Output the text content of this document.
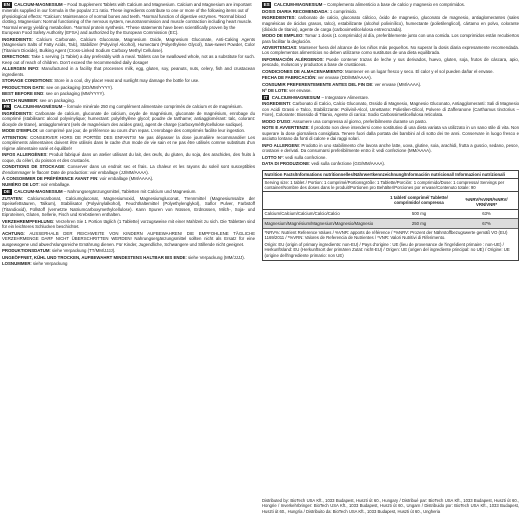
EN CALCIUM-MAGNESIUM – Food Supplement Tablets with Calcium and Magnesium. Calcium and Magnesium are important minerals supplied in our formula in the popular 2:1 ratio. These ingredients contribute to one or more of the following items out of physiological effects: *Calcium: Maintenance of normal bones and teeth. *Normal function of digestive enzymes. *Normal blood clotting. Magnesium: Normal functioning of the nervous system, neurotransmission and muscle contraction including heart muscle. *Normal energy yielding metabolism. *Normal protein synthesis. *These statements have been scientifically proven by the European Food Safety Authority (EFSA) and authorized by the European Commission (EC).

INGREDIENTS: Calcium Carbonate, Calcium Gluconate, Magnesium Oxide, Magnesium Gluconate, Anti-Caking Agents (Magnesium Salts of Fatty Acids, Talc), Stabilizer (Polyvinyl Alcohol), Humectant (Polyethylene Glycol), Saw-sweet Powder, Color (Titanium Dioxide), Bulking Agent (Cross-Linked Sodium Carboxy Methyl Cellulose).

DIRECTIONS: Take 1 serving (1 Tablet) a day preferably with a meal. Tablets can be swallowed whole, not as a substitute for such. Keep out of reach of children. Don't exceed the recommended daily dosage!

ALLERGEN INFO: Manufactured in a facility that processes milk, egg, gluten, soy, peanuts, nuts, celery, fish and crustacean ingredients.

STORAGE CONDITIONS: Store in a cool, dry place! Heat and sunlight may damage the bottle for use.

PRODUCTION DATE: see on packaging (DD/MM/YYYY).

BEST BEFORE END: see on packaging (MM/YYYY).

BATCH NUMBER: see on packaging.

FR CALCIUM-MAGNÉSIUM – formule minérale 250 mg complément alimentaire comprimés de calcium et de magnésium.

INGRÉDIENTS: Carbonate de calcium, gluconate de calcium, oxyde de magnésium, gluconate de magnésium, enrobage du comprimé (stabilisant: alcool polyvinylique; humectant: polyéthylène glycol; poudre de tarthame; antiagglomérant: talc, colorant: dioxyde de titane), antiagglomérant (sels de magnésium des acides gras), agent de charge (carboxyméthylcellulose sodique).

MODE D'EMPLOI: un comprimé par jour, de préférence au cours d'un repas. L'enrobage des comprimés facilite leur ingestion.

ATTENTION: CONSERVER HORS DE PORTÉE DES ENFANTS! Ne pas dépasser la dose journalière recommandée! Les compléments alimentaires doivent être utilisés dans le cadre d'un mode de vie sain et ne pas être utilisés comme substituts d'un régime alimentaire varié et équilibré!

INFOS ALLERGÈNES: Produit fabriqué dans un atelier utilisant du lait, des œufs, du gluten, du soja, des arachides, des fruits à coque, du céleri, du poisson et des crustacés.

CONDITIONS DE STOCKAGE: Conserver dans un endroit sec et frais. La chaleur et les rayons du soleil sont susceptibles d'endommager le flacon! Date de production: voir emballage (JJ/MM/AAAA).

À CONSOMMER DE PRÉFÉRENCE AVANT FIN: voir emballage (MM/AAAA).

NUMÉRO DE LOT: voir emballage.

DE CALCIUM-MAGNESIUM – Nahrungsergänzungsmittel, Tabletten mit Calcium und Magnesium.

ZUTATEN: Calciumcarbonat, Calciumgluconat, Magnesiumoxid, Magnesiumgluconat, Trennmittel (Magnesiumsalze der Speisefettsäuren, Talkum), Stabilisator (Polyvinylalkohol), Feuchthaltemittel (Polyethylenglykol), Saflor Pulver, Farbstoff (Titandioxid), Füllstoff (vernetzte Natriumcarboxymethylcellulose). Kann Spuren von Nüssen, Erdnüssen, Milch-, Soja- und Eiproteinen, Gluten, Sellerie, Fisch und Krebstieren enthalten.

VERZEHREMPFEHLUNG: Verzehren Sie 1 Portion täglich (1 Tablette) vorzugsweise mit einer Mahlzeit zu sich. Die Tabletten sind für ein leichteres Schlucken beschichtet.

ACHTUNG: AUSSERHALB DER REICHWEITE VON KINDERN AUFBEWAHREN! DIE EMPFOHLENE TÄGLICHE VERZEHRMENGE DARF NICHT ÜBERSCHRITTEN WERDEN! Nahrungsergänzungsmittel sollten nicht als Ersatz für eine ausgewogene und abwechslungsreiche Ernährung dienen. Für Kinder, Jugendliche, Schwangere und Stillende nicht geeignet.

PRODUKTIONSDATUM: siehe Verpackung (TT/MM/JJJJ).

UNGEÖFFNET, KÜHL UND TROCKEN, AUFBEWAHRT MINDESTENS HALTBAR BIS ENDE: siehe Verpackung (MM/JJJJ).

LOSNUMMER: siehe Verpackung

ES CALCIUM-MAGNESIUM – Complemento alimenticio a base de calcio y magnesio en comprimidos.

DOSIS DIARIA RECOMENDADA: 1 comprimido.

INGREDIENTES: carbonato de calcio, gluconato cálcico, óxido de magnesio, gluconato de magnesio, antiaglomerantes (sales magnésicas de ácidos grasos, talco), estabilizante (alcohol polivinílico), humectante (polietilenglicol), cártamo en polvo, colorante (dióxido de titanio), agente de carga (carboximetilcelulosa entrecruzada).

MODO DE EMPLEO: Tomar 1 dosis (1 comprimido) al día, preferiblemente junto con una comida. Los comprimidos están recubiertos para facilitar la deglución.

ADVERTENCIAS: Mantener fuera del alcance de los niños más pequeños. No superar la dosis diaria expresamente recomendada. Los complementos alimenticios no deben utilizarse como sustitutos de una dieta equilibrada.

INFORMACIÓN ALÉRGENOS: Puede contener trazas de leche y sus derivados, huevo, gluten, soja, frutos de cáscara, apio, pescado, moluscos y productos a base de crustáceos.

CONDICIONES DE ALMACENAMIENTO: Mantener en un lugar fresco y seco. El calor y el sol pueden dañar el envase.

FECHA DE FABRICACIÓN: ver envase (DD/MM/AAAA).

CONSUMIR PREFERENTEMENTE ANTES DEL FIN DE: ver envase (MM/AAAA).

Nº DE LOTE: ver envase.

IT CALCIUM-MAGNESIUM – Integratore Alimentare.

INGREDIENTI: Carbonato di Calcio, Calcio Gluconato, Ossido di Magnesio, Magnesio Gluconato, Antiagglomeranti: Sali di Magnesio con Acidi Grassi e Talco, Stabilizzante: Polivinil-Alcol, Umettante: Polietilen-Glicol, Polvere di Zafferanone (Carthamus tinctorius – Fiore), Colorante: Biossido di Titanio, Agente di carica: Sodio Carbossimetilcellulosa reticolata.

MODO D'USO: Assumere una compressa al giorno, preferibilmente durante un pasto.

NOTE E AVVERTENZE: Il prodotto non deve intendersi come sostitutivo di una dieta variata va utilizzato in un sano stile di vita. Non superare la dose giornaliera consigliata. Tenere fuori dalla portata dei bambini al di sotto dei tre anni. Conservare in luogo fresco e asciutto lontano da fonti di calore e dai raggi solari.

INFO ALLERGENI: Prodotto in uno stabilimento che lavora anche latte, uova, glutine, soia, arachidi, frutta a guscio, sedano, pesce, crostacei e derivati. Da consumarsi preferibilmente entro il: vedi confezione (MM/AAAA).

LOTTO N°: vedi sulla confezione.

DATA DI PRODUZIONE: vedi sulla confezione (GG/MM/AAAA).

Nutrition Facts/Informations nutritionnelles/Nährwertkennzeichnung/Información nutricional/ Informazioni nutrizionali
Serving size: 1 tablet / Portion: 1 comprimé/Portionsgröße: 1 Tablette/Porción: 1 comprimido/Dose: 1 compressa/ Servings per container/Nombre des doses dans le produit/Portionen pro Behälter/Porciones por envase/Contenuto totale: 90
	1 tablet/ comprimé/ Tablette/ comprimido/ compressa	%NRV/%VNR/%NRV/ VRN/VNR*
Calcium/Calcium/Calcium/Calcio/Calcio	500 mg	63%
Magnesium/Magnésium/Magnesium/Magnesio/Magnesio	250 mg	67%

*NRV%: Nutrient Reference Values / %VNR: apports de référence / *%NRV: Prozent der Nährstoffbezugswerte gemäß VO (EU) 1169/2011 / *%VRN: Valores de Referencia de Nutrientes / *VNR: Valori Nutritivi di Riferimento.

Origin: EU (origin of primary ingredients: non-EU) / Pays d'origine : UE (lieu de provenance de l'ingrédient primaire : non-UE) / Herkunftsland: EU (Herkunftsort der primären Zutat: nicht-EU) / Origen: UE (origen del ingrediente principal: no UE) / Origine: UE (origine dell'ingrediente primario: non UE)

Distributed by: BioTech USA Kft., 1033 Budapest, Huszti út 60., Hungary / Distribué par: BioTech USA Kft., 1033 Budapest, Huszti út 60., Hongrie / Inverkehrbringer: BioTech USA Kft., 1033 Budapest, Huszti út 60., Ungarn / Distribuido por: BioTech USA Kft., 1033 Budapest, Huszti út 60., Hungría / Distribuito da: BioTech USA Kft., 1033 Budapest, Huszti út 60., Ungheria
